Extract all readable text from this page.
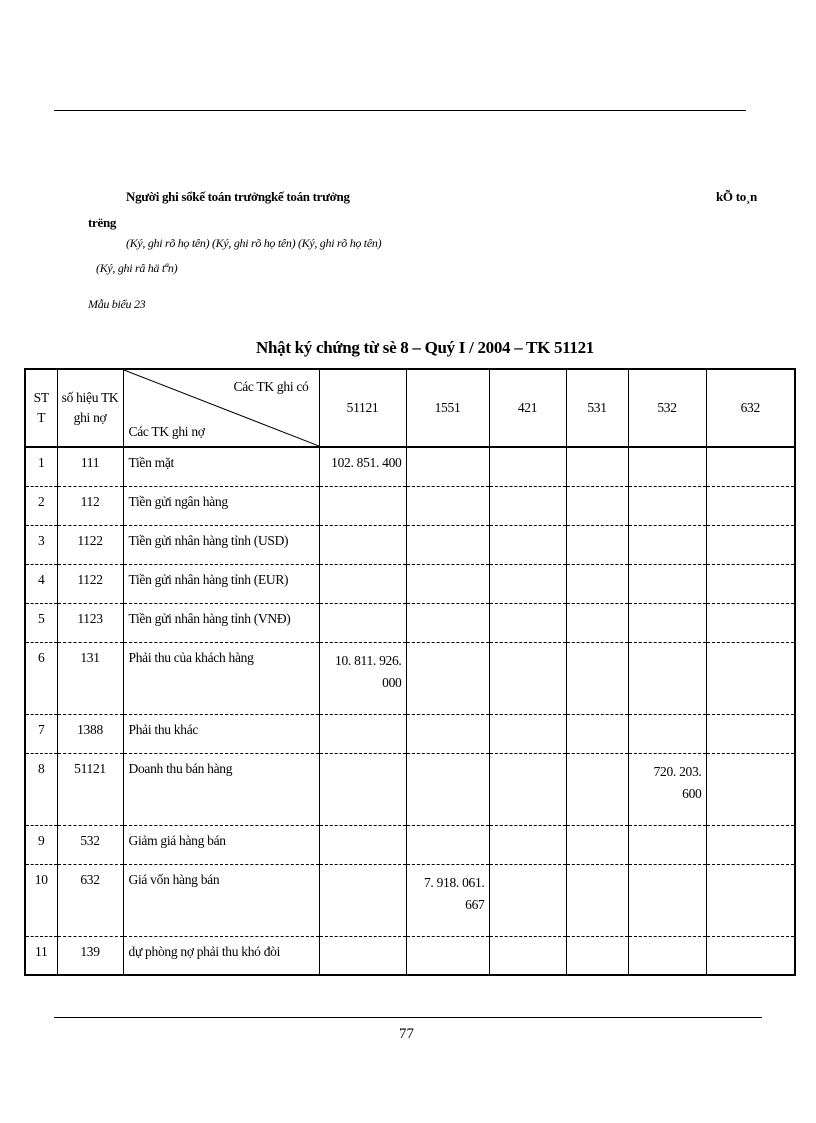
Người ghi sổkế toán trưởngkế toán trưởng	kÕ to¸n
trëng
(Ký, ghi rõ họ tên) (Ký, ghi rõ họ tên) (Ký, ghi rõ họ tên)
(Ký, ghi râ hä tªn)
Mẫu biểu 23
Nhật ký chứng từ sè 8 – Quý I / 2004 – TK 51121
ST T	số hiệu TK ghi nợ	Các TK ghi có
Các TK ghi nợ	51121	1551	421	531	532	632
1	111	Tiền mặt	102. 851. 400					
2	112	Tiền gửi ngân hàng						
3	1122	Tiền gửi nhân hàng tỉnh (USD)						
4	1122	Tiền gửi nhân hàng tỉnh (EUR)						
5	1123	Tiền gửi nhân hàng tỉnh (VNĐ)						
6	131	Phải thu của khách hàng	10. 811. 926. 000					
7	1388	Phải thu khác						
8	51121	Doanh thu bán hàng					720. 203. 600	
9	532	Giảm giá hàng bán						
10	632	Giá vốn hàng bán		7. 918. 061. 667				
11	139	dự phòng nợ phải thu khó đòi						
77
